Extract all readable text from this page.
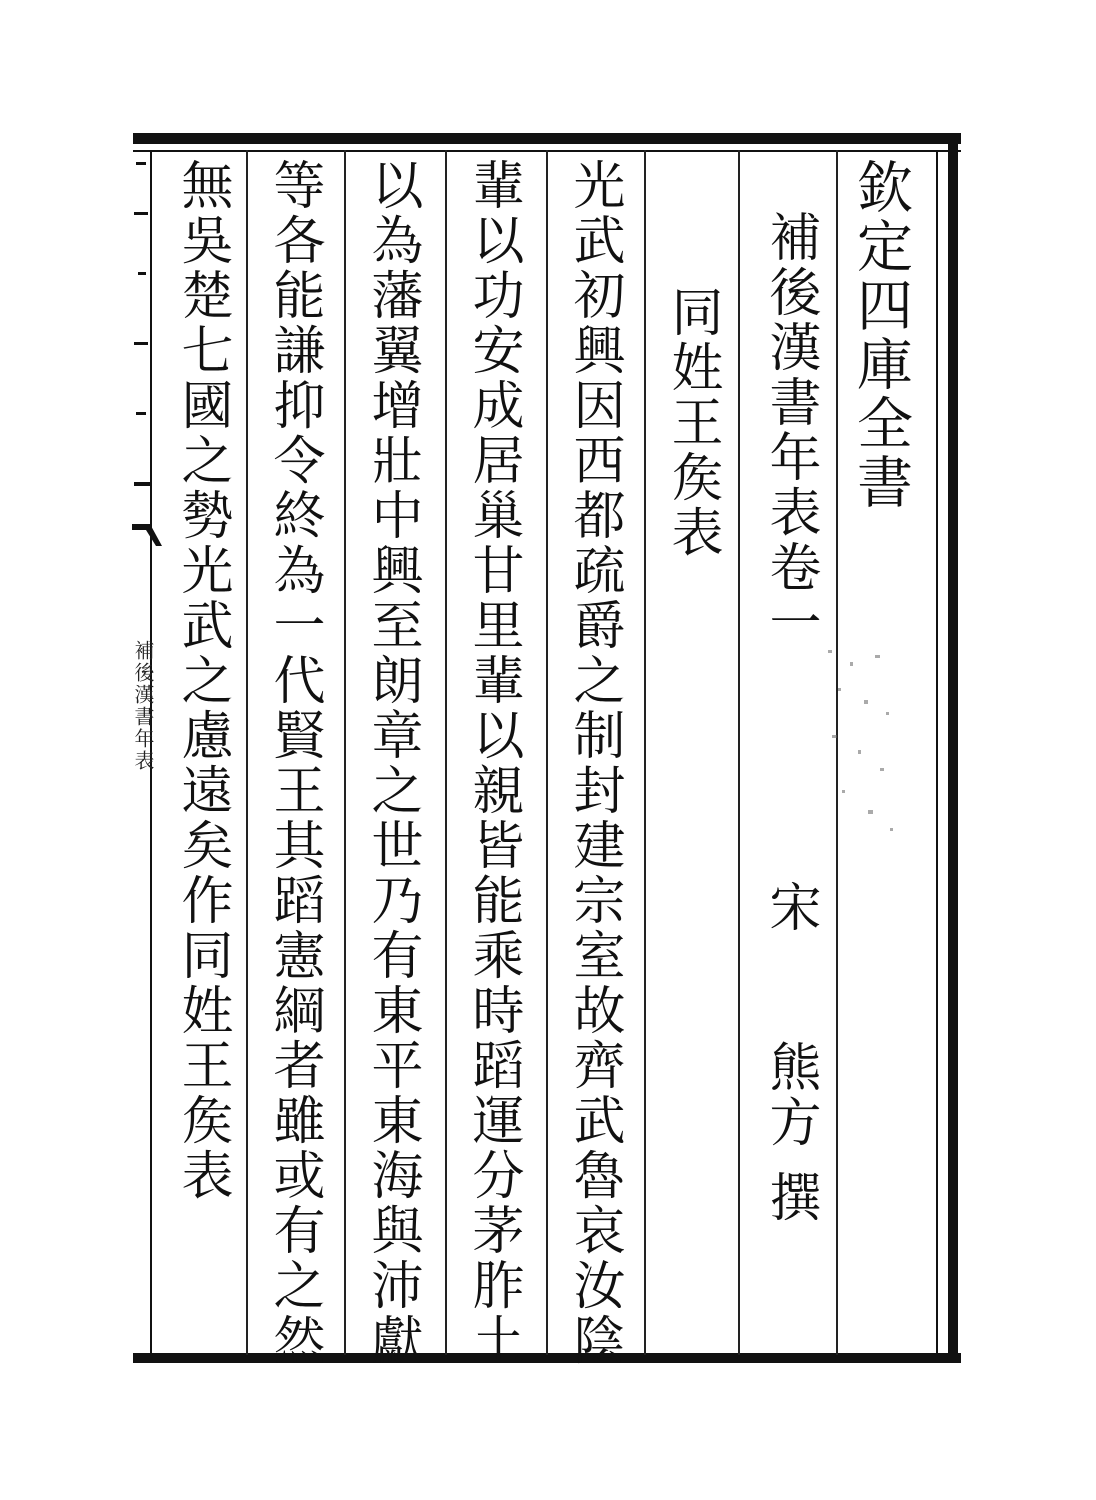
補後漢書年表
欽定四庫全書
補後漢書年表卷一
宋
熊方
撰
同姓王矦表
光武初興因西都疏爵之制封建宗室故齊武魯哀汝陰
輩以功安成居巢甘里輩以親皆能乘時蹈運分茅胙土
以為藩翼增壯中興至朗章之世乃有東平東海與沛獻
等各能謙抑令終為一代賢王其蹈憲綱者雖或有之然
無吳楚七國之勢光武之慮遠矣作同姓王矦表
